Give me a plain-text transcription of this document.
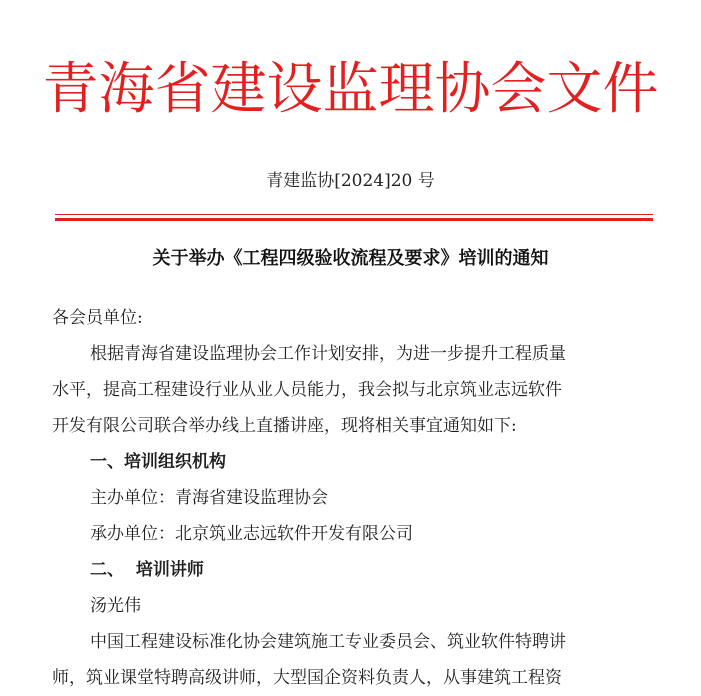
青海省建设监理协会文件
青建监协[2024]20 号
关于举办《工程四级验收流程及要求》培训的通知
各会员单位:
根据青海省建设监理协会工作计划安排，为进一步提升工程质量
水平，提高工程建设行业从业人员能力，我会拟与北京筑业志远软件
开发有限公司联合举办线上直播讲座，现将相关事宜通知如下:
一、培训组织机构
主办单位：青海省建设监理协会
承办单位：北京筑业志远软件开发有限公司
二、  培训讲师
汤光伟
中国工程建设标准化协会建筑施工专业委员会、筑业软件特聘讲
师，筑业课堂特聘高级讲师，大型国企资料负责人，从事建筑工程资
